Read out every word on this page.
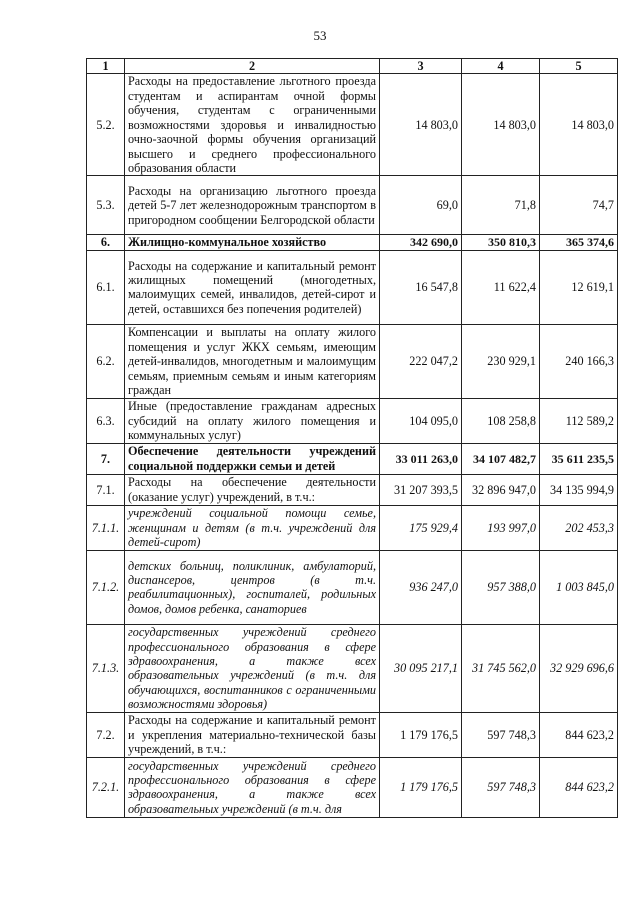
53
1	2	3	4	5
5.2.	Расходы на предоставление льготного проезда студентам и аспирантам очной формы обучения, студентам с ограниченными возможностями здоровья и инвалидностью очно-заочной формы обучения организаций высшего и среднего профессионального образования области	14 803,0	14 803,0	14 803,0
5.3.	Расходы на организацию льготного проезда детей 5-7 лет железнодорожным транспортом в пригородном сообщении Белгородской области	69,0	71,8	74,7
6.	Жилищно-коммунальное хозяйство	342 690,0	350 810,3	365 374,6
6.1.	Расходы на содержание и капитальный ремонт жилищных помещений (многодетных, малоимущих семей, инвалидов, детей-сирот и детей, оставшихся без попечения родителей)	16 547,8	11 622,4	12 619,1
6.2.	Компенсации и выплаты на оплату жилого помещения и услуг ЖКХ семьям, имеющим детей-инвалидов, многодетным и малоимущим семьям, приемным семьям и иным категориям граждан	222 047,2	230 929,1	240 166,3
6.3.	Иные (предоставление гражданам адресных субсидий на оплату жилого помещения и коммунальных услуг)	104 095,0	108 258,8	112 589,2
7.	Обеспечение деятельности учреждений социальной поддержки семьи и детей	33 011 263,0	34 107 482,7	35 611 235,5
7.1.	Расходы на обеспечение деятельности (оказание услуг) учреждений, в т.ч.:	31 207 393,5	32 896 947,0	34 135 994,9
7.1.1.	учреждений социальной помощи семье, женщинам и детям (в т.ч. учреждений для детей-сирот)	175 929,4	193 997,0	202 453,3
7.1.2.	детских больниц, поликлиник, амбулаторий, диспансеров, центров (в т.ч. реабилитационных), госпиталей, родильных домов, домов ребенка, санаториев	936 247,0	957 388,0	1 003 845,0
7.1.3.	государственных учреждений среднего профессионального образования в сфере здравоохранения, а также всех образовательных учреждений (в т.ч. для обучающихся, воспитанников с ограниченными возможностями здоровья)	30 095 217,1	31 745 562,0	32 929 696,6
7.2.	Расходы на содержание и капитальный ремонт и укрепления материально-технической базы учреждений, в т.ч.:	1 179 176,5	597 748,3	844 623,2
7.2.1.	государственных учреждений среднего профессионального образования в сфере здравоохранения, а также всех образовательных учреждений (в т.ч. для	1 179 176,5	597 748,3	844 623,2
